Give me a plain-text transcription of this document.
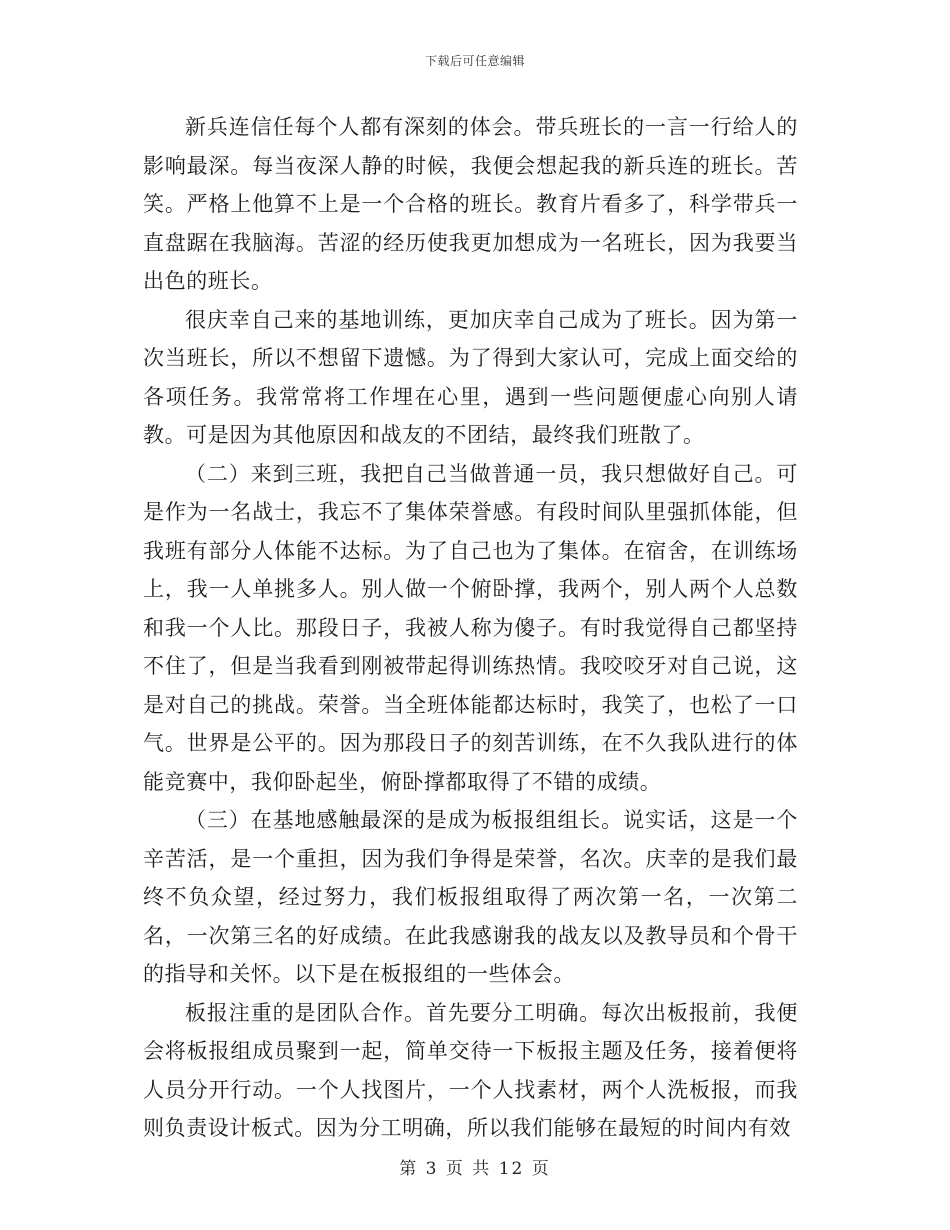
下载后可任意编辑

新兵连信任每个人都有深刻的体会。带兵班长的一言一行给人的影响最深。每当夜深人静的时候，我便会想起我的新兵连的班长。苦笑。严格上他算不上是一个合格的班长。教育片看多了，科学带兵一直盘踞在我脑海。苦涩的经历使我更加想成为一名班长，因为我要当出色的班长。

很庆幸自己来的基地训练，更加庆幸自己成为了班长。因为第一次当班长，所以不想留下遗憾。为了得到大家认可，完成上面交给的各项任务。我常常将工作埋在心里，遇到一些问题便虚心向别人请教。可是因为其他原因和战友的不团结，最终我们班散了。

（二）来到三班，我把自己当做普通一员，我只想做好自己。可是作为一名战士，我忘不了集体荣誉感。有段时间队里强抓体能，但我班有部分人体能不达标。为了自己也为了集体。在宿舍，在训练场上，我一人单挑多人。别人做一个俯卧撑，我两个，别人两个人总数和我一个人比。那段日子，我被人称为傻子。有时我觉得自己都坚持不住了，但是当我看到刚被带起得训练热情。我咬咬牙对自己说，这是对自己的挑战。荣誉。当全班体能都达标时，我笑了，也松了一口气。世界是公平的。因为那段日子的刻苦训练，在不久我队进行的体能竞赛中，我仰卧起坐，俯卧撑都取得了不错的成绩。

（三）在基地感触最深的是成为板报组组长。说实话，这是一个辛苦活，是一个重担，因为我们争得是荣誉，名次。庆幸的是我们最终不负众望，经过努力，我们板报组取得了两次第一名，一次第二名，一次第三名的好成绩。在此我感谢我的战友以及教导员和个骨干的指导和关怀。以下是在板报组的一些体会。

板报注重的是团队合作。首先要分工明确。每次出板报前，我便会将板报组成员聚到一起，简单交待一下板报主题及任务，接着便将人员分开行动。一个人找图片，一个人找素材，两个人洗板报，而我则负责设计板式。因为分工明确，所以我们能够在最短的时间内有效

第 3 页 共 12 页
